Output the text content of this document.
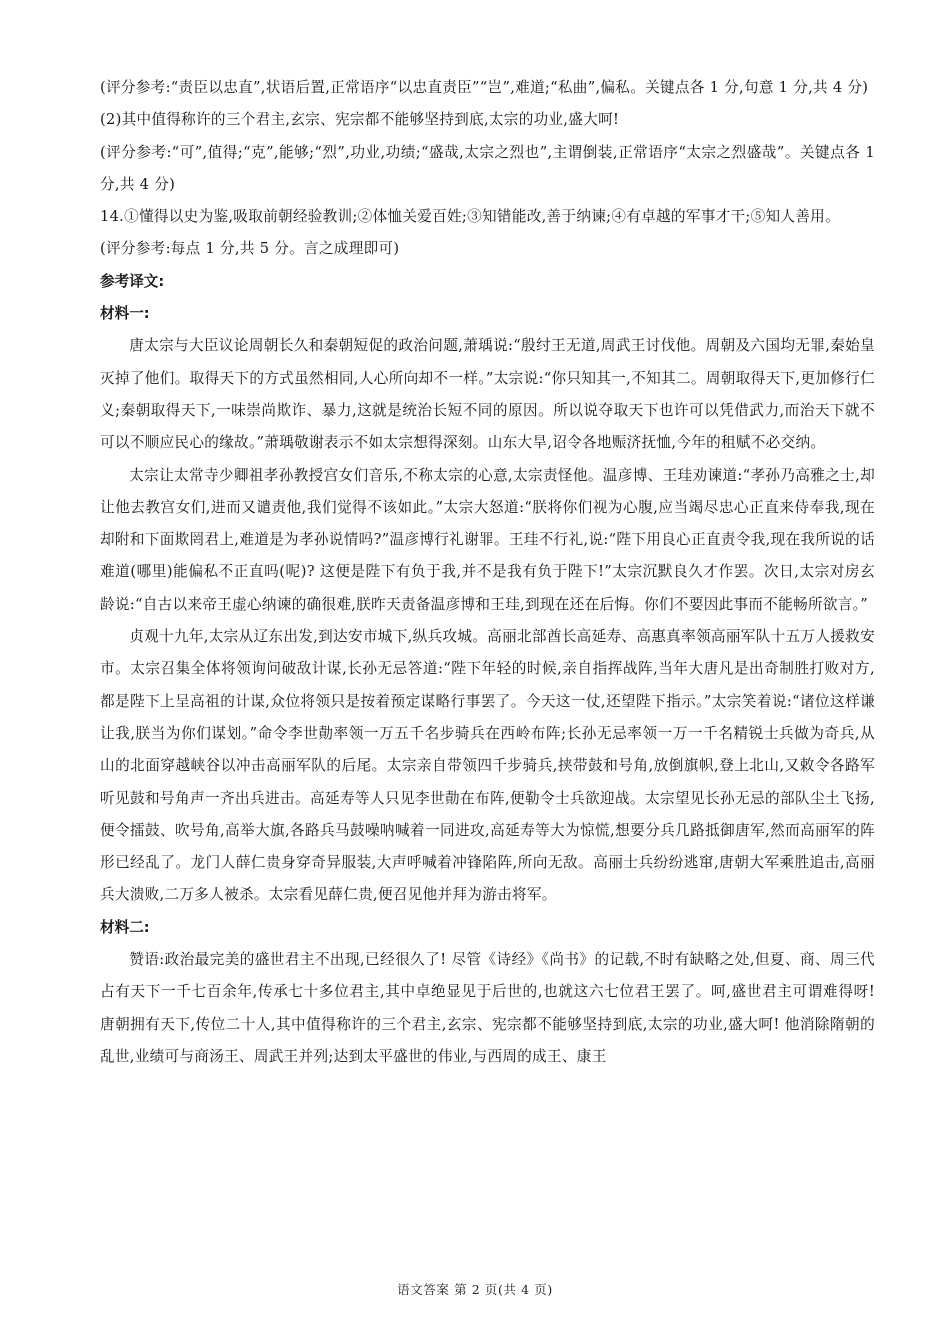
(评分参考:“责臣以忠直”,状语后置,正常语序“以忠直责臣”“岂”,难道;“私曲”,偏私。关键点各 1 分,句意 1 分,共 4 分)

(2)其中值得称许的三个君主,玄宗、宪宗都不能够坚持到底,太宗的功业,盛大呵!

(评分参考:“可”,值得;“克”,能够;“烈”,功业,功绩;“盛哉,太宗之烈也”,主谓倒装,正常语序“太宗之烈盛哉”。关键点各 1 分,共 4 分)

14.①懂得以史为鉴,吸取前朝经验教训;②体恤关爱百姓;③知错能改,善于纳谏;④有卓越的军事才干;⑤知人善用。

(评分参考:每点 1 分,共 5 分。言之成理即可)

参考译文:

材料一:

唐太宗与大臣议论周朝长久和秦朝短促的政治问题,萧瑀说:“殷纣王无道,周武王讨伐他。周朝及六国均无罪,秦始皇灭掉了他们。取得天下的方式虽然相同,人心所向却不一样。”太宗说:“你只知其一,不知其二。周朝取得天下,更加修行仁义;秦朝取得天下,一味崇尚欺诈、暴力,这就是统治长短不同的原因。所以说夺取天下也许可以凭借武力,而治天下就不可以不顺应民心的缘故。”萧瑀敬谢表示不如太宗想得深刻。山东大旱,诏令各地赈济抚恤,今年的租赋不必交纳。

太宗让太常寺少卿祖孝孙教授宫女们音乐,不称太宗的心意,太宗责怪他。温彦博、王珪劝谏道:“孝孙乃高雅之士,却让他去教宫女们,进而又谴责他,我们觉得不该如此。”太宗大怒道:“朕将你们视为心腹,应当竭尽忠心正直来侍奉我,现在却附和下面欺罔君上,难道是为孝孙说情吗?”温彦博行礼谢罪。王珪不行礼,说:“陛下用良心正直责令我,现在我所说的话难道(哪里)能偏私不正直吗(呢)? 这便是陛下有负于我,并不是我有负于陛下!”太宗沉默良久才作罢。次日,太宗对房玄龄说:“自古以来帝王虚心纳谏的确很难,朕昨天责备温彦博和王珪,到现在还在后悔。你们不要因此事而不能畅所欲言。”

贞观十九年,太宗从辽东出发,到达安市城下,纵兵攻城。高丽北部酋长高延寿、高惠真率领高丽军队十五万人援救安市。太宗召集全体将领询问破敌计谋,长孙无忌答道:“陛下年轻的时候,亲自指挥战阵,当年大唐凡是出奇制胜打败对方,都是陛下上呈高祖的计谋,众位将领只是按着预定谋略行事罢了。今天这一仗,还望陛下指示。”太宗笑着说:“诸位这样谦让我,朕当为你们谋划。”命令李世勣率领一万五千名步骑兵在西岭布阵;长孙无忌率领一万一千名精锐士兵做为奇兵,从山的北面穿越峡谷以冲击高丽军队的后尾。太宗亲自带领四千步骑兵,挟带鼓和号角,放倒旗帜,登上北山,又敕令各路军听见鼓和号角声一齐出兵进击。高延寿等人只见李世勣在布阵,便勒令士兵欲迎战。太宗望见长孙无忌的部队尘土飞扬,便令擂鼓、吹号角,高举大旗,各路兵马鼓噪呐喊着一同进攻,高延寿等大为惊慌,想要分兵几路抵御唐军,然而高丽军的阵形已经乱了。龙门人薛仁贵身穿奇异服装,大声呼喊着冲锋陷阵,所向无敌。高丽士兵纷纷逃窜,唐朝大军乘胜追击,高丽兵大溃败,二万多人被杀。太宗看见薛仁贵,便召见他并拜为游击将军。

材料二:

赞语:政治最完美的盛世君主不出现,已经很久了! 尽管《诗经》《尚书》的记载,不时有缺略之处,但夏、商、周三代占有天下一千七百余年,传承七十多位君主,其中卓绝显见于后世的,也就这六七位君王罢了。呵,盛世君主可谓难得呀! 唐朝拥有天下,传位二十人,其中值得称许的三个君主,玄宗、宪宗都不能够坚持到底,太宗的功业,盛大呵! 他消除隋朝的乱世,业绩可与商汤王、周武王并列;达到太平盛世的伟业,与西周的成王、康王

语文答案 第 2 页(共 4 页)
